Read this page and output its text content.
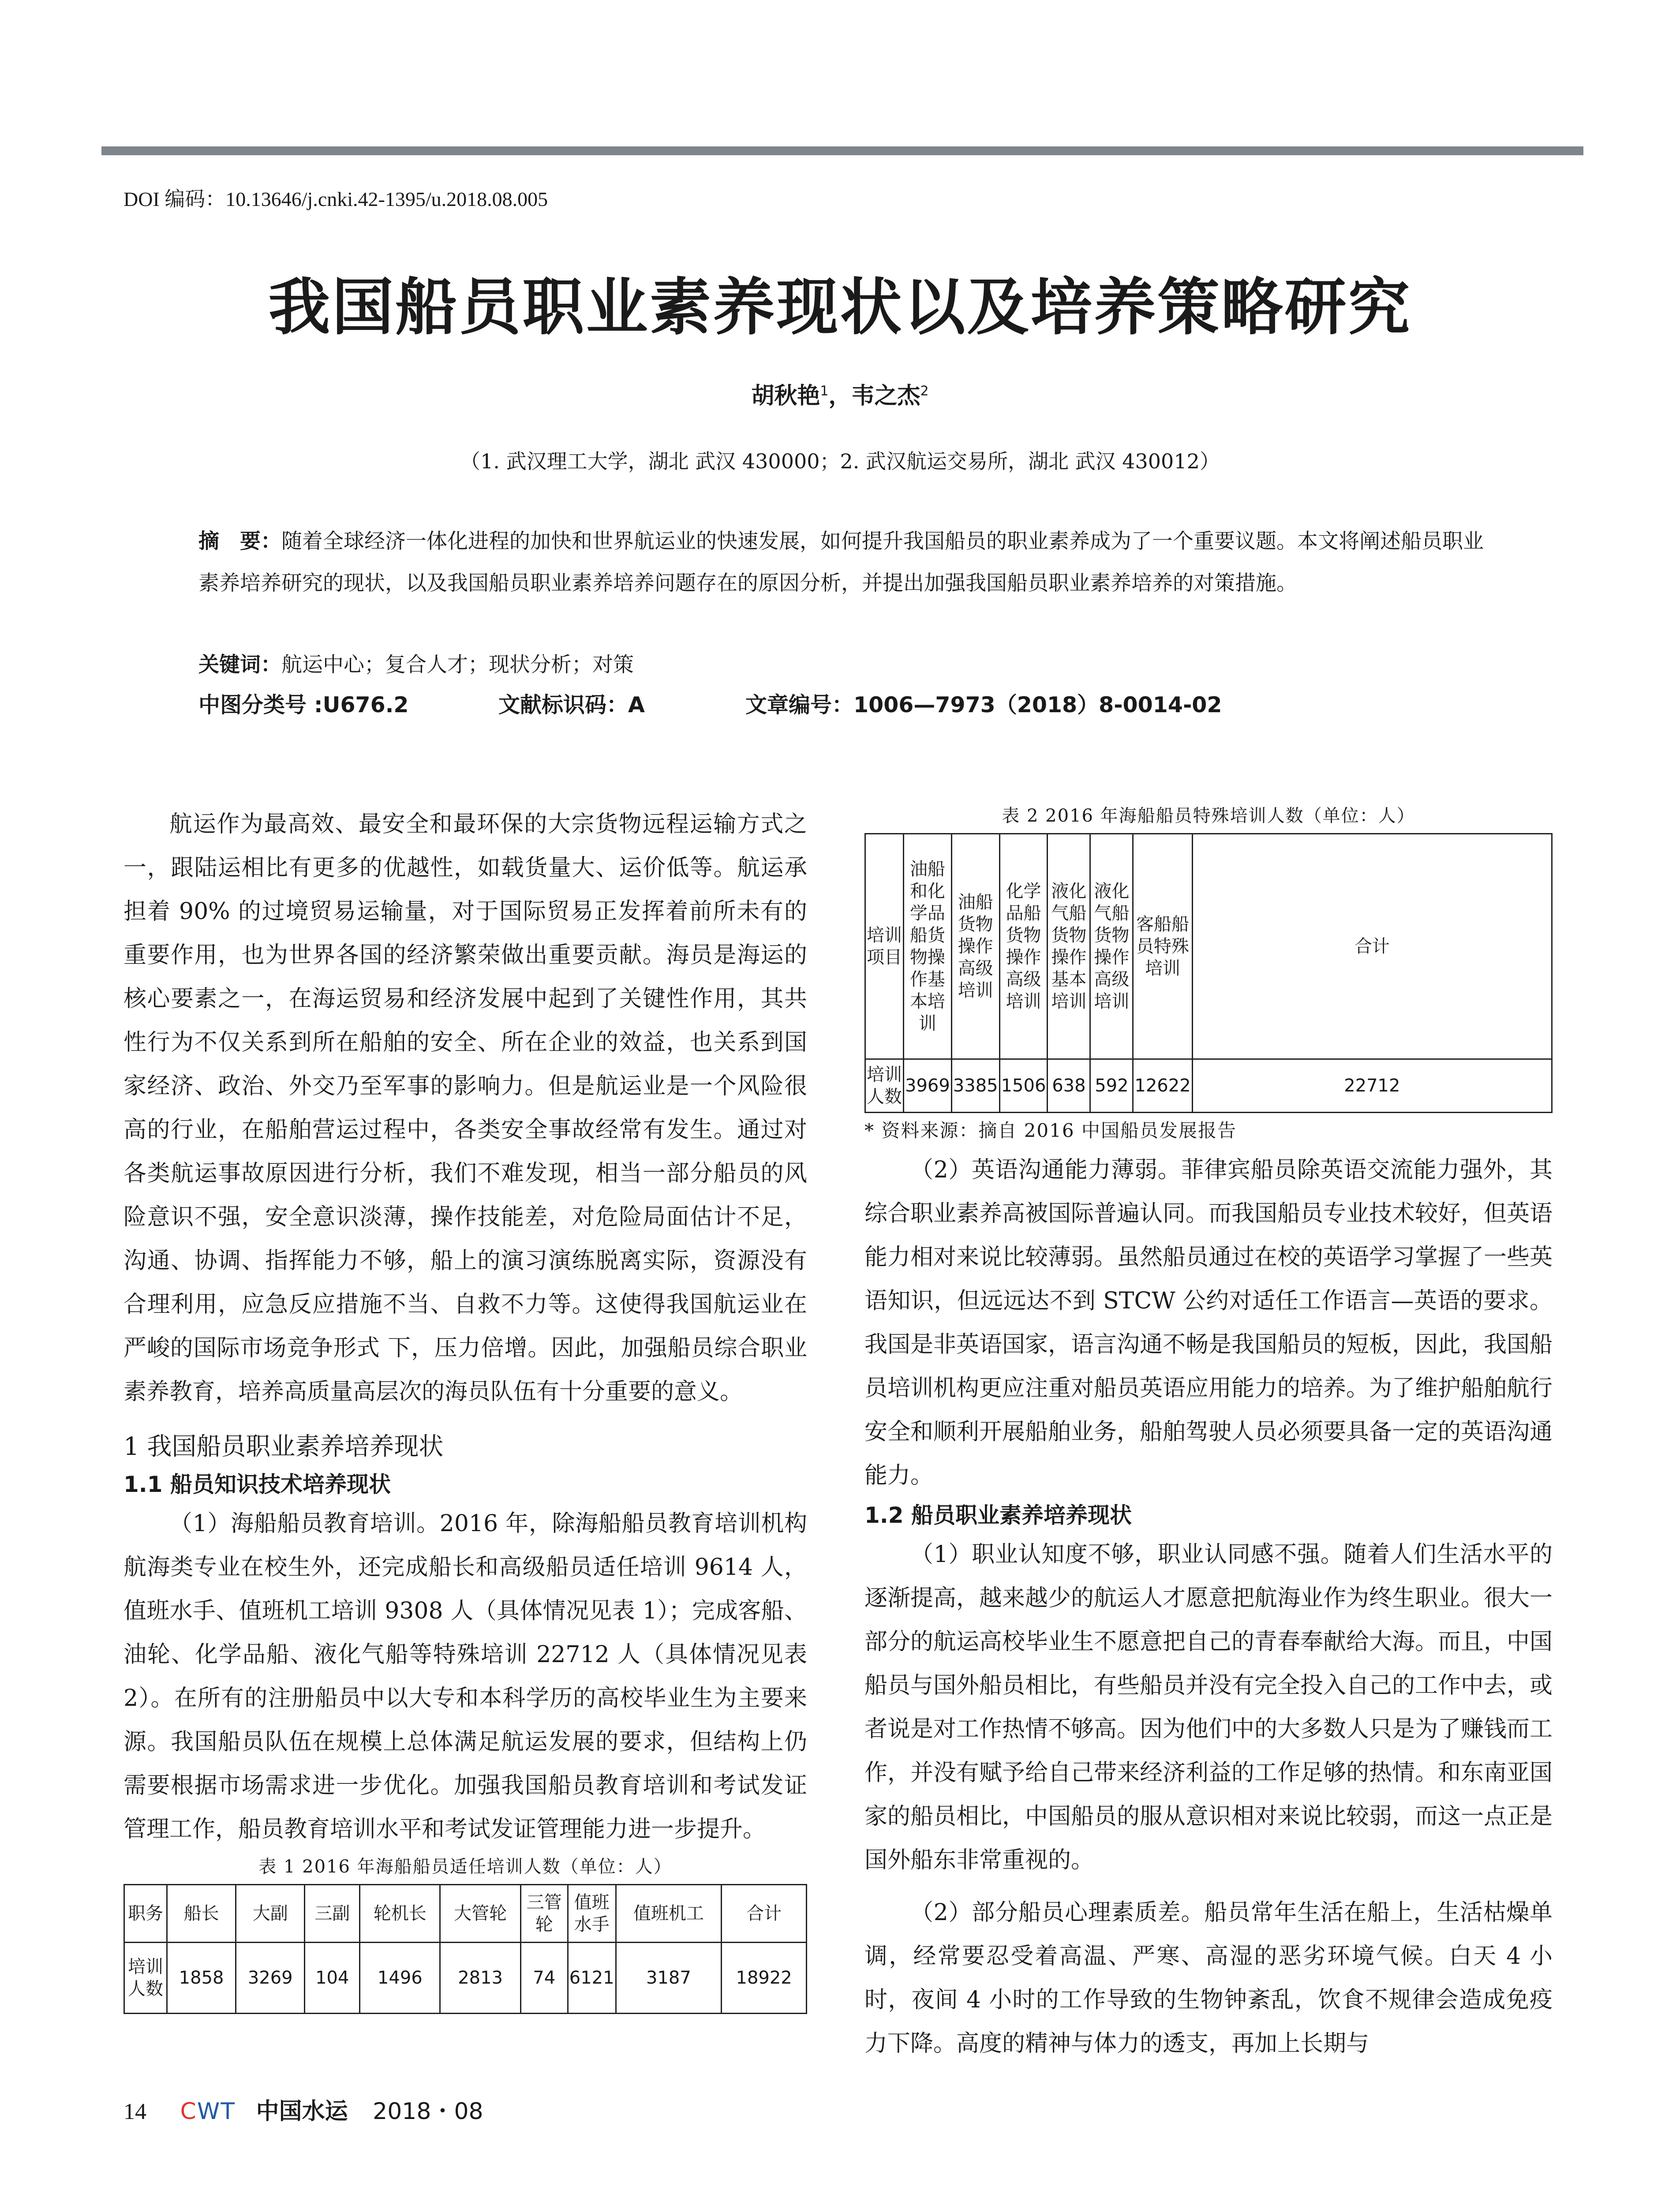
DOI 编码：10.13646/j.cnki.42-1395/u.2018.08.005
我国船员职业素养现状以及培养策略研究
胡秋艳$^1$，韦之杰$^2$
（1. 武汉理工大学，湖北 武汉 430000；2. 武汉航运交易所，湖北 武汉 430012）
摘　要：随着全球经济一体化进程的加快和世界航运业的快速发展，如何提升我国船员的职业素养成为了一个重要议题。本文将阐述船员职业素养培养研究的现状，以及我国船员职业素养培养问题存在的原因分析，并提出加强我国船员职业素养培养的对策措施。
关键词：航运中心；复合人才；现状分析；对策
中图分类号 :U676.2	文献标识码：A	文章编号：1006—7973（2018）8-0014-02

航运作为最高效、最安全和最环保的大宗货物远程运输方式之一，跟陆运相比有更多的优越性，如载货量大、运价低等。航运承担着 90% 的过境贸易运输量，对于国际贸易正发挥着前所未有的重要作用，也为世界各国的经济繁荣做出重要贡献。海员是海运的核心要素之一，在海运贸易和经济发展中起到了关键性作用，其共性行为不仅关系到所在船舶的安全、所在企业的效益，也关系到国家经济、政治、外交乃至军事的影响力。但是航运业是一个风险很高的行业，在船舶营运过程中，各类安全事故经常有发生。通过对各类航运事故原因进行分析，我们不难发现，相当一部分船员的风险意识不强，安全意识淡薄，操作技能差，对危险局面估计不足，沟通、协调、指挥能力不够，船上的演习演练脱离实际，资源没有合理利用，应急反应措施不当、自救不力等。这使得我国航运业在严峻的国际市场竞争形式 下，压力倍增。因此，加强船员综合职业素养教育，培养高质量高层次的海员队伍有十分重要的意义。

1 我国船员职业素养培养现状
1.1 船员知识技术培养现状

（1）海船船员教育培训。2016 年，除海船船员教育培训机构航海类专业在校生外，还完成船长和高级船员适任培训 9614 人，值班水手、值班机工培训 9308 人（具体情况见表 1）；完成客船、油轮、化学品船、液化气船等特殊培训 22712 人（具体情况见表 2）。在所有的注册船员中以大专和本科学历的高校毕业生为主要来源。我国船员队伍在规模上总体满足航运发展的要求，但结构上仍需要根据市场需求进一步优化。加强我国船员教育培训和考试发证管理工作，船员教育培训水平和考试发证管理能力进一步提升。

表 1 2016 年海船船员适任培训人数（单位：人）
职务	船长	大副	三副	轮机长	大管轮	三管轮	值班水手	值班机工	合计
培训人数	1858	3269	104	1496	2813	74	6121	3187	18922
表 2 2016 年海船船员特殊培训人数（单位：人）
培训项目	油船和化学品船货物操作基本培训	油船货物操作高级培训	化学品船货物操作高级培训	液化气船货物操作基本培训	液化气船货物操作高级培训	客船船员特殊培训	合计
培训人数	3969	3385	1506	638	592	12622	22712
* 资料来源：摘自 2016 中国船员发展报告

（2）英语沟通能力薄弱。菲律宾船员除英语交流能力强外，其综合职业素养高被国际普遍认同。而我国船员专业技术较好，但英语能力相对来说比较薄弱。虽然船员通过在校的英语学习掌握了一些英语知识，但远远达不到 STCW 公约对适任工作语言—英语的要求。我国是非英语国家，语言沟通不畅是我国船员的短板，因此，我国船员培训机构更应注重对船员英语应用能力的培养。为了维护船舶航行安全和顺利开展船舶业务，船舶驾驶人员必须要具备一定的英语沟通能力。

1.2 船员职业素养培养现状

（1）职业认知度不够，职业认同感不强。随着人们生活水平的逐渐提高，越来越少的航运人才愿意把航海业作为终生职业。很大一部分的航运高校毕业生不愿意把自己的青春奉献给大海。而且，中国船员与国外船员相比，有些船员并没有完全投入自己的工作中去，或者说是对工作热情不够高。因为他们中的大多数人只是为了赚钱而工作，并没有赋予给自己带来经济利益的工作足够的热情。和东南亚国家的船员相比，中国船员的服从意识相对来说比较弱，而这一点正是国外船东非常重视的。

（2）部分船员心理素质差。船员常年生活在船上，生活枯燥单调，经常要忍受着高温、严寒、高湿的恶劣环境气候。白天 4 小时，夜间 4 小时的工作导致的生物钟紊乱，饮食不规律会造成免疫力下降。高度的精神与体力的透支，再加上长期与

14 CWT 中国水运 2018・08
